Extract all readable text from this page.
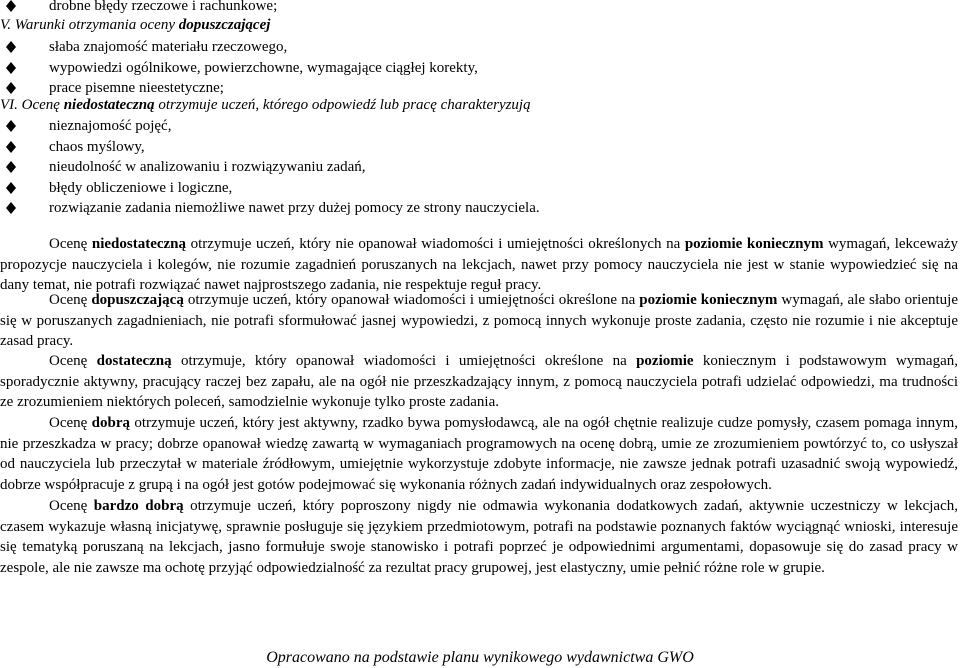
drobne błędy rzeczowe i rachunkowe;
V. Warunki otrzymania oceny dopuszczającej
słaba znajomość materiału rzeczowego,
wypowiedzi ogólnikowe, powierzchowne, wymagające ciągłej korekty,
prace pisemne nieestetyczne;
VI. Ocenę niedostateczną otrzymuje uczeń, którego odpowiedź lub pracę charakteryzują
nieznajomość pojęć,
chaos myślowy,
nieudolność w analizowaniu i rozwiązywaniu zadań,
błędy obliczeniowe i logiczne,
rozwiązanie zadania niemożliwe nawet przy dużej pomocy ze strony nauczyciela.
Ocenę niedostateczną otrzymuje uczeń, który nie opanował wiadomości i umiejętności określonych na poziomie koniecznym wymagań, lekceważy propozycje nauczyciela i kolegów, nie rozumie zagadnień poruszanych na lekcjach, nawet przy pomocy nauczyciela nie jest w stanie wypowiedzieć się na dany temat, nie potrafi rozwiązać nawet najprostszego zadania, nie respektuje reguł pracy.
Ocenę dopuszczającą otrzymuje uczeń, który opanował wiadomości i umiejętności określone na poziomie koniecznym wymagań, ale słabo orientuje się w poruszanych zagadnieniach, nie potrafi sformułować jasnej wypowiedzi, z pomocą innych wykonuje proste zadania, często nie rozumie i nie akceptuje zasad pracy.
Ocenę dostateczną otrzymuje, który opanował wiadomości i umiejętności określone na poziomie koniecznym i podstawowym wymagań, sporadycznie aktywny, pracujący raczej bez zapału, ale na ogół nie przeszkadzający innym, z pomocą nauczyciela potrafi udzielać odpowiedzi, ma trudności ze zrozumieniem niektórych poleceń, samodzielnie wykonuje tylko proste zadania.
Ocenę dobrą otrzymuje uczeń, który jest aktywny, rzadko bywa pomysłodawcą, ale na ogół chętnie realizuje cudze pomysły, czasem pomaga innym, nie przeszkadza w pracy; dobrze opanował wiedzę zawartą w wymaganiach programowych na ocenę dobrą, umie ze zrozumieniem powtórzyć to, co usłyszał od nauczyciela lub przeczytał w materiale źródłowym, umiejętnie wykorzystuje zdobyte informacje, nie zawsze jednak potrafi uzasadnić swoją wypowiedź, dobrze współpracuje z grupą i na ogół jest gotów podejmować się wykonania różnych zadań indywidualnych oraz zespołowych.
Ocenę bardzo dobrą otrzymuje uczeń, który poproszony nigdy nie odmawia wykonania dodatkowych zadań, aktywnie uczestniczy w lekcjach, czasem wykazuje własną inicjatywę, sprawnie posługuje się językiem przedmiotowym, potrafi na podstawie poznanych faktów wyciągnąć wnioski, interesuje się tematyką poruszaną na lekcjach, jasno formułuje swoje stanowisko i potrafi poprzeć je odpowiednimi argumentami, dopasowuje się do zasad pracy w zespole, ale nie zawsze ma ochotę przyjąć odpowiedzialność za rezultat pracy grupowej, jest elastyczny, umie pełnić różne role w grupie.
Opracowano na podstawie planu wynikowego wydawnictwa GWO
